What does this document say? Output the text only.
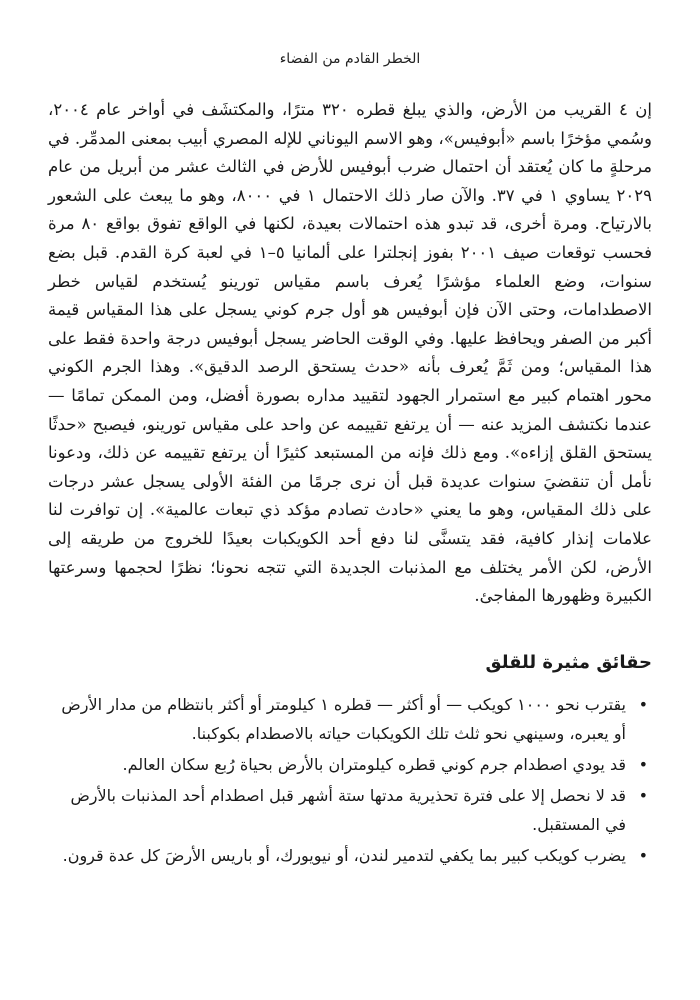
الخطر القادم من الفضاء

إن ٤ القريب من الأرض، والذي يبلغ قطره ٣٢٠ مترًا، والمكتشَف في أواخر عام ٢٠٠٤، وسُمي مؤخرًا باسم «أبوفيس»، وهو الاسم اليوناني للإله المصري أبيب بمعنى المدمِّر. في مرحلةٍ ما كان يُعتقد أن احتمال ضرب أبوفيس للأرض في الثالث عشر من أبريل من عام ٢٠٢٩ يساوي ١ في ٣٧. والآن صار ذلك الاحتمال ١ في ٨٠٠٠، وهو ما يبعث على الشعور بالارتياح. ومرة أخرى، قد تبدو هذه احتمالات بعيدة، لكنها في الواقع تفوق بواقع ٨٠ مرة فحسب توقعات صيف ٢٠٠١ بفوز إنجلترا على ألمانيا ٥–١ في لعبة كرة القدم. قبل بضع سنوات، وضع العلماء مؤشرًا يُعرف باسم مقياس تورينو يُستخدم لقياس خطر الاصطدامات، وحتى الآن فإن أبوفيس هو أول جرم كوني يسجل على هذا المقياس قيمة أكبر من الصفر ويحافظ عليها. وفي الوقت الحاضر يسجل أبوفيس درجة واحدة فقط على هذا المقياس؛ ومن ثَمَّ يُعرف بأنه «حدث يستحق الرصد الدقيق». وهذا الجرم الكوني محور اهتمام كبير مع استمرار الجهود لتقييد مداره بصورة أفضل، ومن الممكن تمامًا — عندما نكتشف المزيد عنه — أن يرتفع تقييمه عن واحد على مقياس تورينو، فيصبح «حدثًا يستحق القلق إزاءه». ومع ذلك فإنه من المستبعد كثيرًا أن يرتفع تقييمه عن ذلك، ودعونا نأمل أن تنقضيَ سنوات عديدة قبل أن نرى جرمًا من الفئة الأولى يسجل عشر درجات على ذلك المقياس، وهو ما يعني «حادث تصادم مؤكد ذي تبعات عالمية». إن توافرت لنا علامات إنذار كافية، فقد يتسنَّى لنا دفع أحد الكويكبات بعيدًا للخروج من طريقه إلى الأرض، لكن الأمر يختلف مع المذنبات الجديدة التي تتجه نحونا؛ نظرًا لحجمها وسرعتها الكبيرة وظهورها المفاجئ.

حقائق مثيرة للقلق
•
يقترب نحو ١٠٠٠ كويكب — أو أكثر — قطره ١ كيلومتر أو أكثر بانتظام من مدار الأرض أو يعبره، وسينهي نحو ثلث تلك الكويكبات حياته بالاصطدام بكوكبنا.
•
قد يودي اصطدام جرم كوني قطره كيلومتران بالأرض بحياة رُبع سكان العالم.
•
قد لا نحصل إلا على فترة تحذيرية مدتها ستة أشهر قبل اصطدام أحد المذنبات بالأرض في المستقبل.
•
يضرب كويكب كبير بما يكفي لتدمير لندن، أو نيويورك، أو باريس الأرضَ كل عدة قرون.
